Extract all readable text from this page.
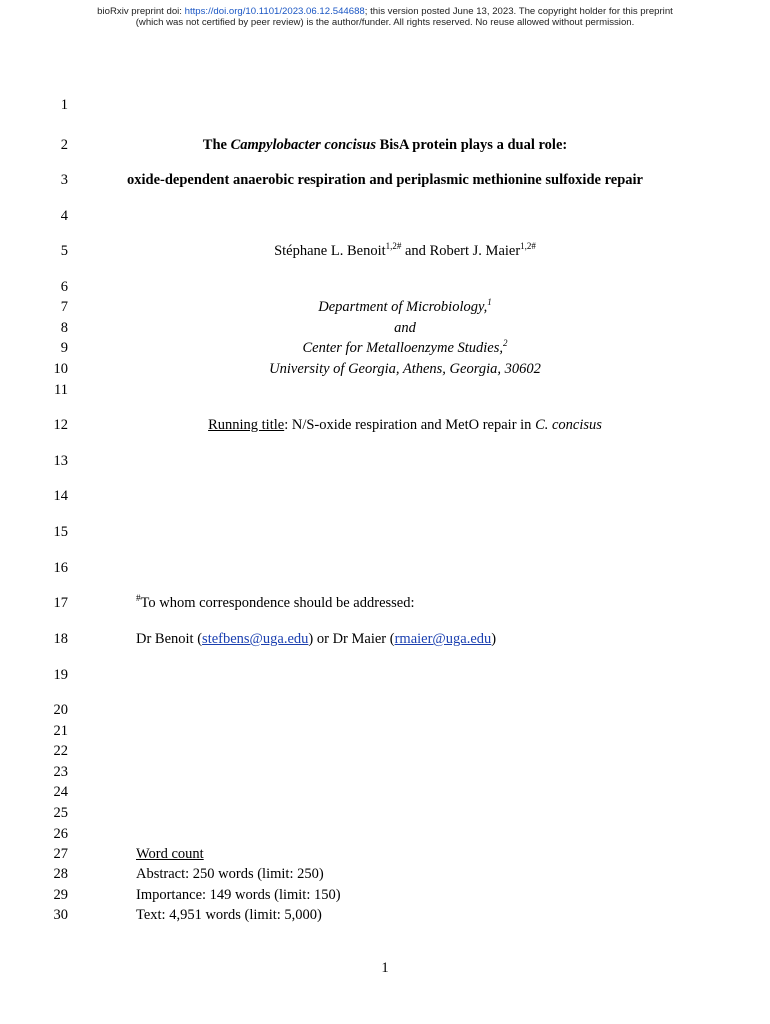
bioRxiv preprint doi: https://doi.org/10.1101/2023.06.12.544688; this version posted June 13, 2023. The copyright holder for this preprint
(which was not certified by peer review) is the author/funder. All rights reserved. No reuse allowed without permission.
1
2
3
4
5
6
7
8
9
10
11
12
13
14
15
16
17
18
19
20
21
22
23
24
25
26
27
28
29
30
The Campylobacter concisus BisA protein plays a dual role:
oxide-dependent anaerobic respiration and periplasmic methionine sulfoxide repair
Stéphane L. Benoit$^{1,2\#}$ and Robert J. Maier$^{1,2\#}$
Department of Microbiology,$^1$
and
Center for Metalloenzyme Studies,$^2$
University of Georgia, Athens, Georgia, 30602
Running title: N/S-oxide respiration and MetO repair in C. concisus
#To whom correspondence should be addressed:
Dr Benoit (stefbens@uga.edu) or Dr Maier (rmaier@uga.edu)
Word count
Abstract: 250 words (limit: 250)
Importance: 149 words (limit: 150)
Text: 4,951 words (limit: 5,000)
1
